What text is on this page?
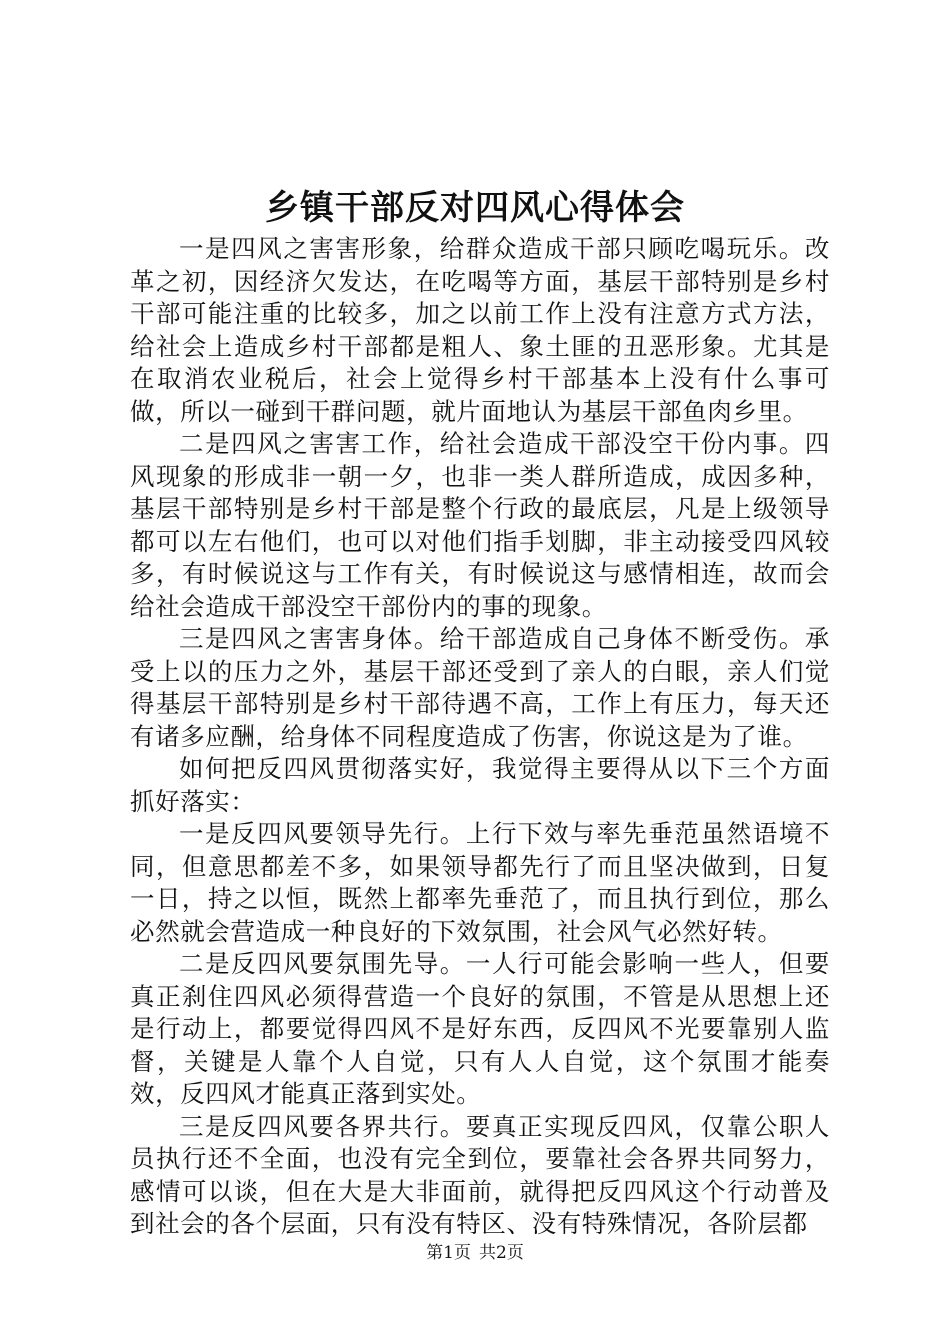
乡镇干部反对四风心得体会

一是四风之害害形象，给群众造成干部只顾吃喝玩乐。改革之初，因经济欠发达，在吃喝等方面，基层干部特别是乡村干部可能注重的比较多，加之以前工作上没有注意方式方法，给社会上造成乡村干部都是粗人、象土匪的丑恶形象。尤其是在取消农业税后，社会上觉得乡村干部基本上没有什么事可做，所以一碰到干群问题，就片面地认为基层干部鱼肉乡里。

二是四风之害害工作，给社会造成干部没空干份内事。四风现象的形成非一朝一夕，也非一类人群所造成，成因多种，基层干部特别是乡村干部是整个行政的最底层，凡是上级领导都可以左右他们，也可以对他们指手划脚，非主动接受四风较多，有时候说这与工作有关，有时候说这与感情相连，故而会给社会造成干部没空干部份内的事的现象。

三是四风之害害身体。给干部造成自己身体不断受伤。承受上以的压力之外，基层干部还受到了亲人的白眼，亲人们觉得基层干部特别是乡村干部待遇不高，工作上有压力，每天还有诸多应酬，给身体不同程度造成了伤害，你说这是为了谁。

如何把反四风贯彻落实好，我觉得主要得从以下三个方面抓好落实：

一是反四风要领导先行。上行下效与率先垂范虽然语境不同，但意思都差不多，如果领导都先行了而且坚决做到，日复一日，持之以恒，既然上都率先垂范了，而且执行到位，那么必然就会营造成一种良好的下效氛围，社会风气必然好转。

二是反四风要氛围先导。一人行可能会影响一些人，但要真正刹住四风必须得营造一个良好的氛围，不管是从思想上还是行动上，都要觉得四风不是好东西，反四风不光要靠别人监督，关键是人靠个人自觉，只有人人自觉，这个氛围才能奏效，反四风才能真正落到实处。

三是反四风要各界共行。要真正实现反四风，仅靠公职人员执行还不全面，也没有完全到位，要靠社会各界共同努力，感情可以谈，但在大是大非面前，就得把反四风这个行动普及到社会的各个层面，只有没有特区、没有特殊情况，各阶层都

第1页 共2页
